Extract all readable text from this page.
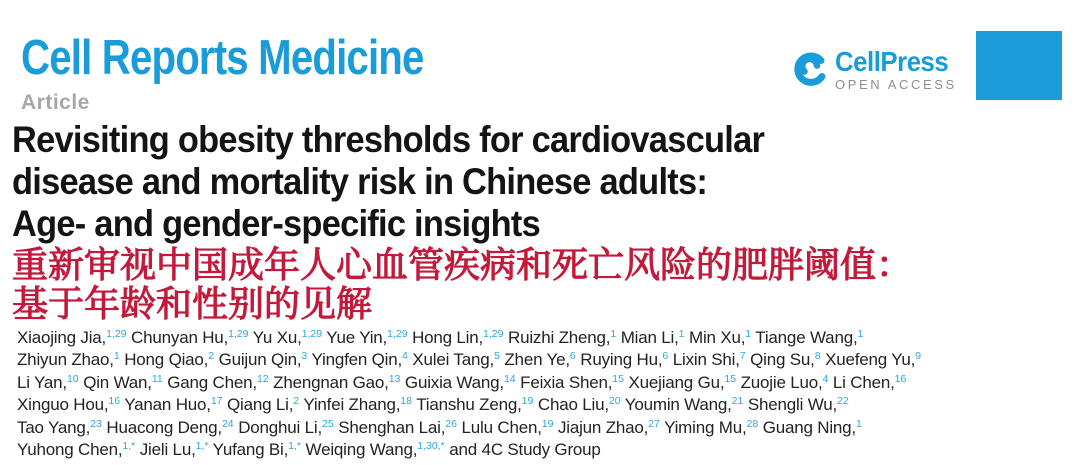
Cell Reports Medicine	CellPress
OPEN ACCESS
Article
Revisiting obesity thresholds for cardiovascular
disease and mortality risk in Chinese adults:
Age- and gender-specific insights
重新审视中国成年人心血管疾病和死亡风险的肥胖阈值：
基于年龄和性别的见解
Xiaojing Jia,$^{1,29}$ Chunyan Hu,$^{1,29}$ Yu Xu,$^{1,29}$ Yue Yin,$^{1,29}$ Hong Lin,$^{1,29}$ Ruizhi Zheng,$^1$ Mian Li,$^1$ Min Xu,$^1$ Tiange Wang,$^1$
Zhiyun Zhao,$^1$ Hong Qiao,$^2$ Guijun Qin,$^3$ Yingfen Qin,$^4$ Xulei Tang,$^5$ Zhen Ye,$^6$ Ruying Hu,$^6$ Lixin Shi,$^7$ Qing Su,$^8$ Xuefeng Yu,$^9$
Li Yan,$^{10}$ Qin Wan,$^{11}$ Gang Chen,$^{12}$ Zhengnan Gao,$^{13}$ Guixia Wang,$^{14}$ Feixia Shen,$^{15}$ Xuejiang Gu,$^{15}$ Zuojie Luo,$^4$ Li Chen,$^{16}$
Xinguo Hou,$^{16}$ Yanan Huo,$^{17}$ Qiang Li,$^2$ Yinfei Zhang,$^{18}$ Tianshu Zeng,$^{19}$ Chao Liu,$^{20}$ Youmin Wang,$^{21}$ Shengli Wu,$^{22}$
Tao Yang,$^{23}$ Huacong Deng,$^{24}$ Donghui Li,$^{25}$ Shenghan Lai,$^{26}$ Lulu Chen,$^{19}$ Jiajun Zhao,$^{27}$ Yiming Mu,$^{28}$ Guang Ning,$^1$
Yuhong Chen,$^{1,*}$ Jieli Lu,$^{1,*}$ Yufang Bi,$^{1,*}$ Weiqing Wang,$^{1,30,*}$ and 4C Study Group
